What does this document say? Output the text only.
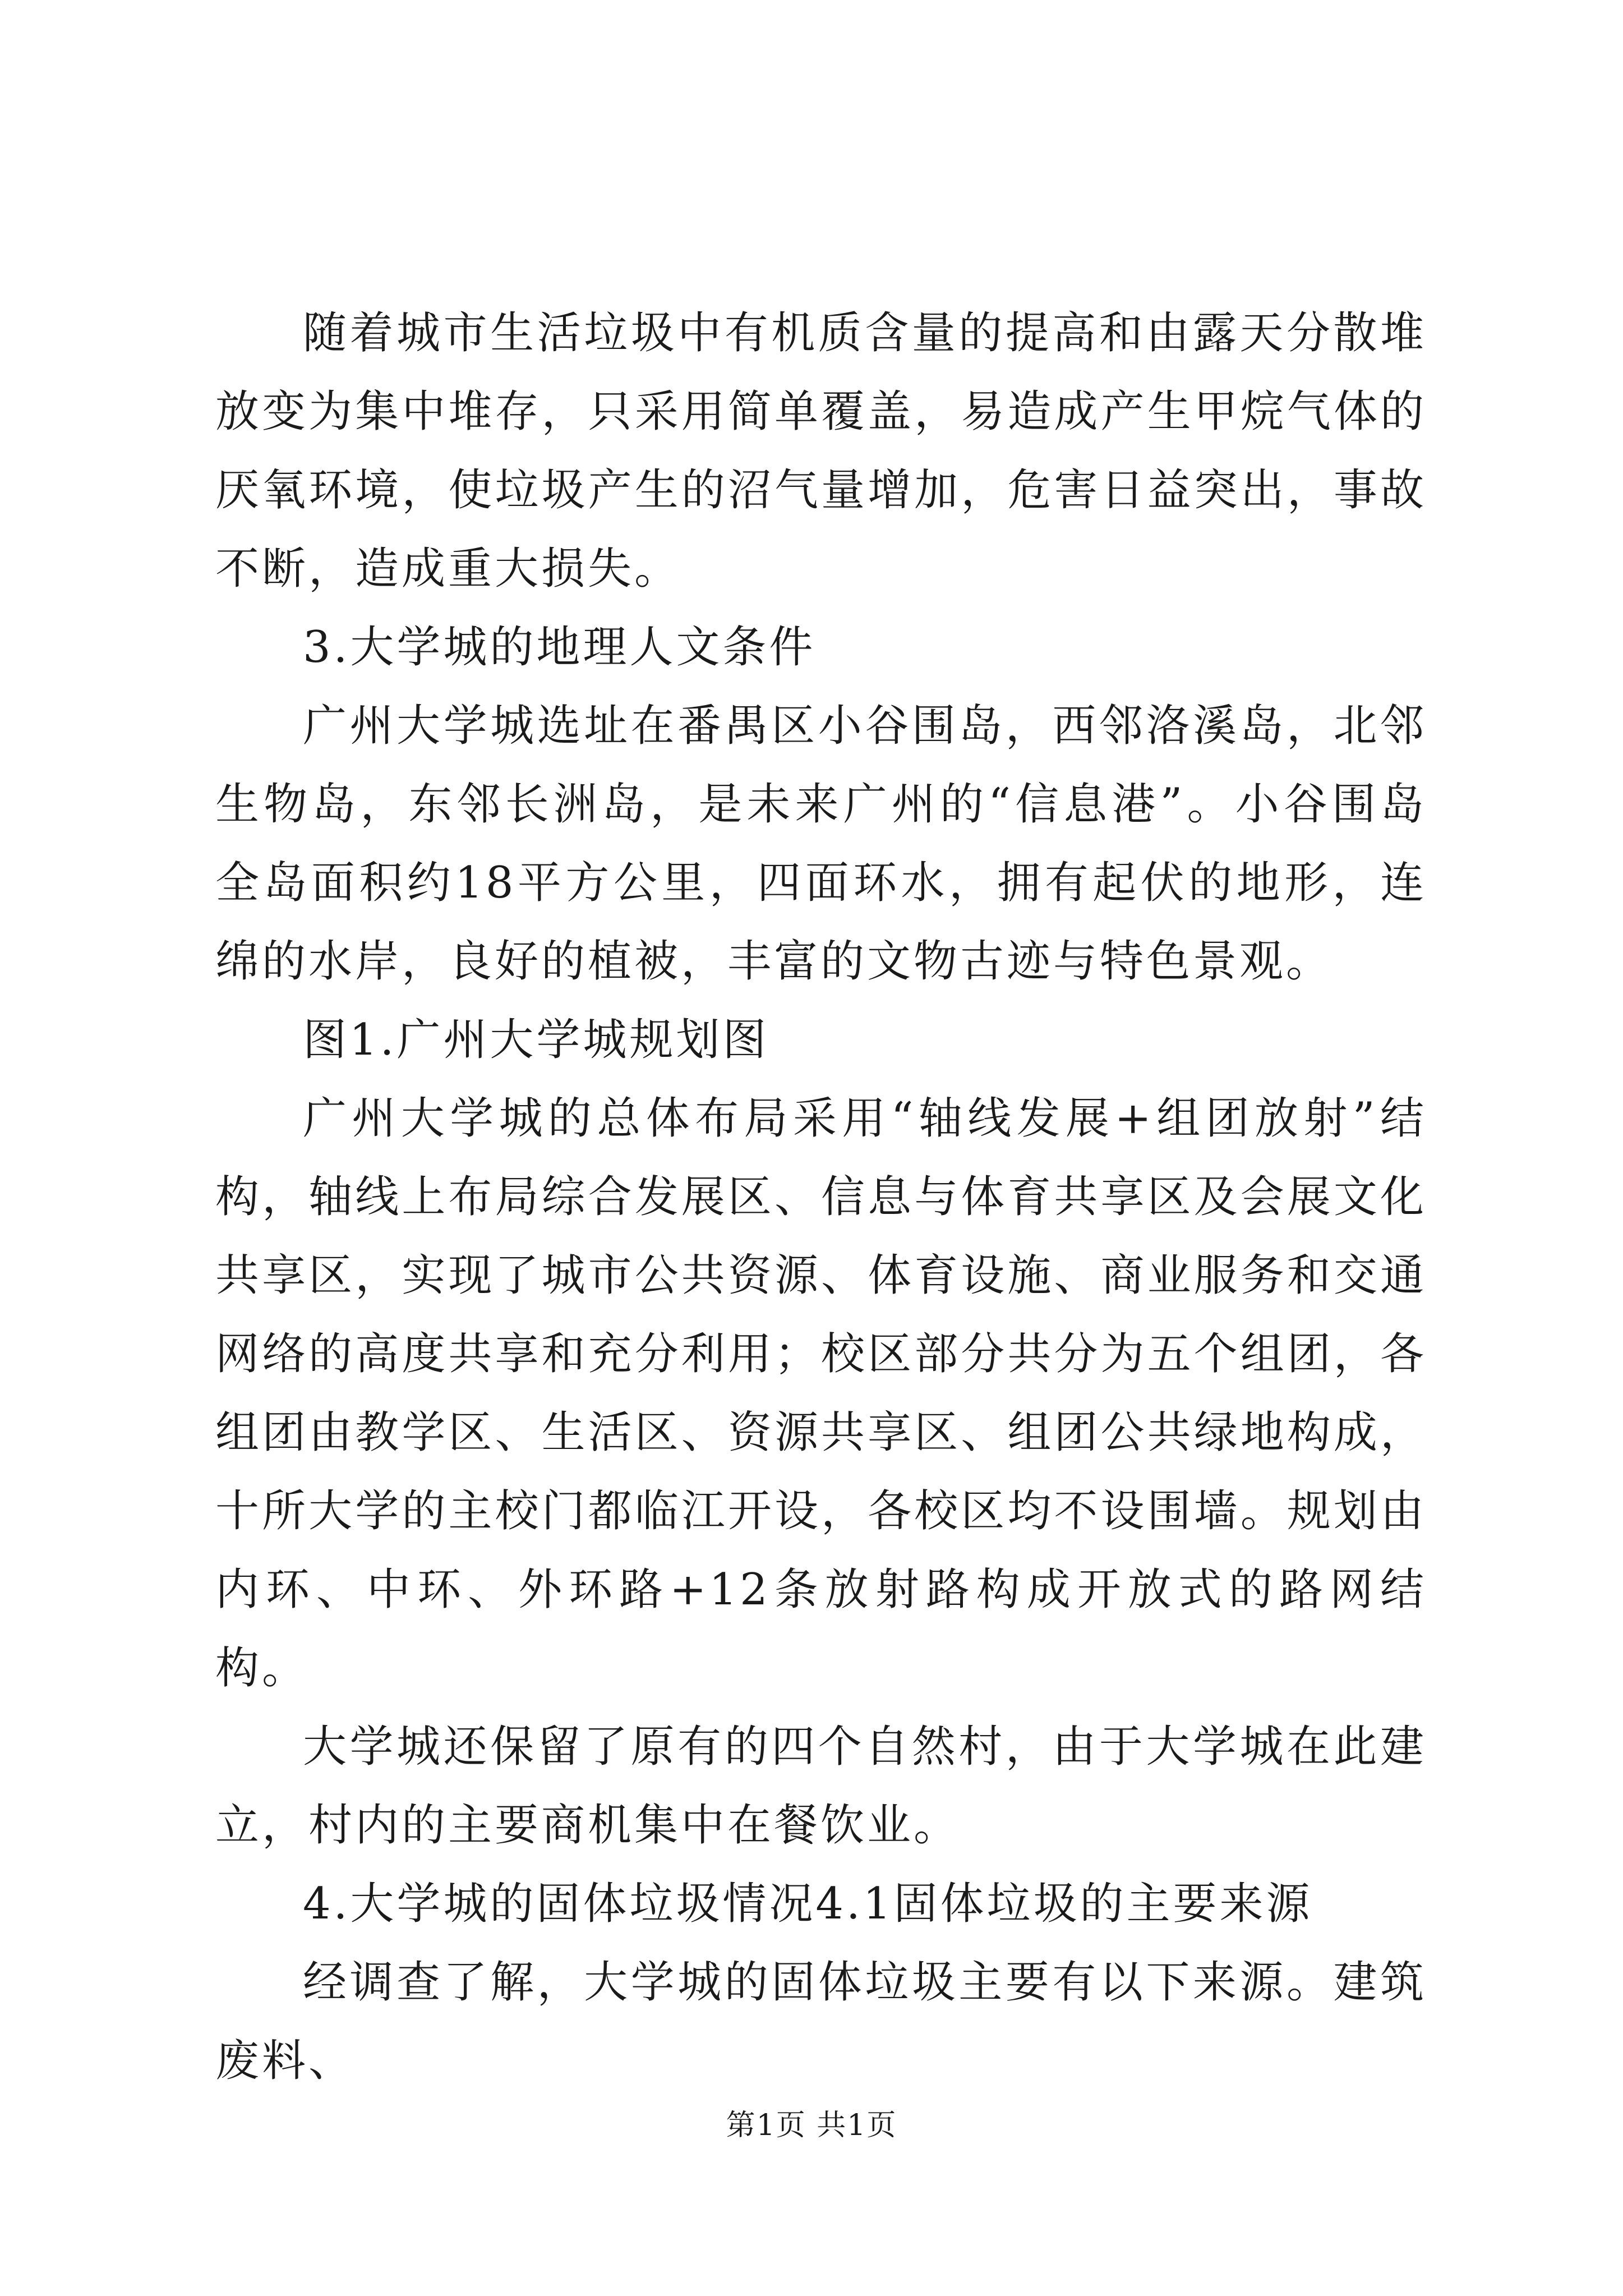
随着城市生活垃圾中有机质含量的提高和由露天分散堆放变为集中堆存，只采用简单覆盖，易造成产生甲烷气体的厌氧环境，使垃圾产生的沼气量增加，危害日益突出，事故不断，造成重大损失。

3.大学城的地理人文条件

广州大学城选址在番禺区小谷围岛，西邻洛溪岛，北邻生物岛，东邻长洲岛，是未来广州的“信息港”。小谷围岛全岛面积约18平方公里，四面环水，拥有起伏的地形，连绵的水岸，良好的植被，丰富的文物古迹与特色景观。

图1.广州大学城规划图

广州大学城的总体布局采用“轴线发展+组团放射”结构，轴线上布局综合发展区、信息与体育共享区及会展文化共享区，实现了城市公共资源、体育设施、商业服务和交通网络的高度共享和充分利用；校区部分共分为五个组团，各组团由教学区、生活区、资源共享区、组团公共绿地构成，十所大学的主校门都临江开设，各校区均不设围墙。规划由内环、中环、外环路+12条放射路构成开放式的路网结构。

大学城还保留了原有的四个自然村，由于大学城在此建立，村内的主要商机集中在餐饮业。

4.大学城的固体垃圾情况4.1固体垃圾的主要来源

经调查了解，大学城的固体垃圾主要有以下来源。建筑废料、

第1页 共1页
